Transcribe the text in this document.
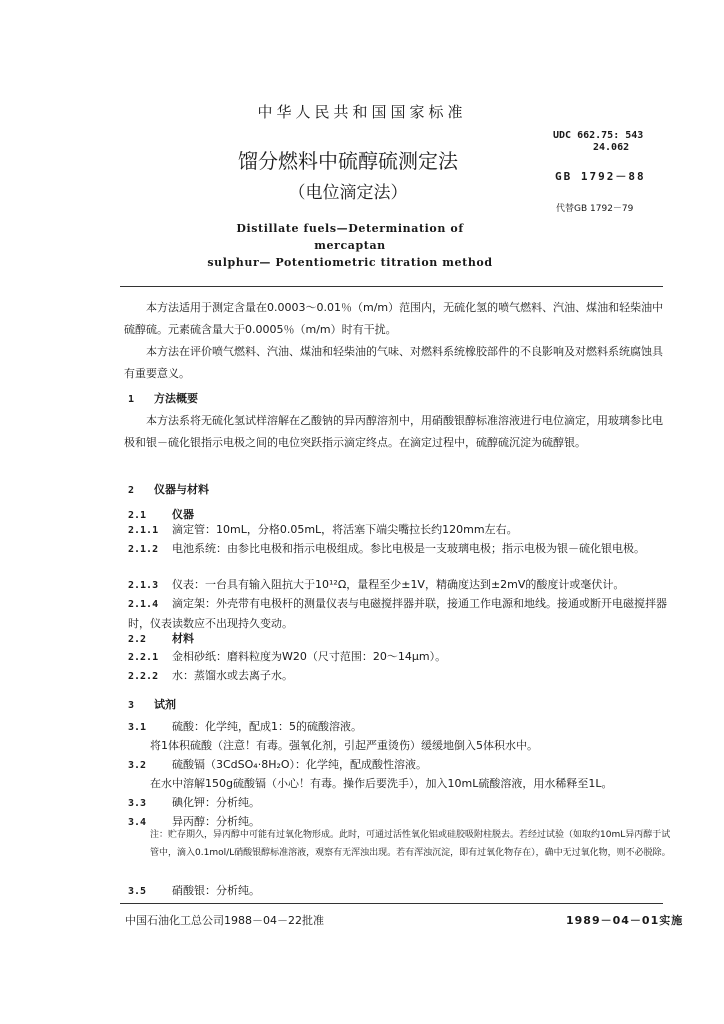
中华人民共和国国家标准
UDC 662.75: 543
24.062
GB 1792－88
代替GB 1792－79
馏分燃料中硫醇硫测定法
（电位滴定法）
Distillate fuels—Determination of mercaptan
sulphur— Potentiometric titration method
本方法适用于测定含量在0.0003～0.01％（m/m）范围内，无硫化氢的喷气燃料、汽油、煤油和轻柴油中硫醇硫。元素硫含量大于0.0005％（m/m）时有干扰。
本方法在评价喷气燃料、汽油、煤油和轻柴油的气味、对燃料系统橡胶部件的不良影响及对燃料系统腐蚀具有重要意义。
1 方法概要
本方法系将无硫化氢试样溶解在乙酸钠的异丙醇溶剂中，用硝酸银醇标准溶液进行电位滴定，用玻璃参比电极和银－硫化银指示电极之间的电位突跃指示滴定终点。在滴定过程中，硫醇硫沉淀为硫醇银。
2 仪器与材料
2.1 仪器
2.1.1 滴定管：10mL，分格0.05mL，将活塞下端尖嘴拉长约120mm左右。
2.1.2 电池系统：由参比电极和指示电极组成。参比电极是一支玻璃电极；指示电极为银－硫化银电极。
2.1.3 仪表：一台具有输入阻抗大于10¹²Ω，量程至少±1V，精确度达到±2mV的酸度计或毫伏计。
2.1.4 滴定架：外壳带有电极杆的测量仪表与电磁搅拌器并联，接通工作电源和地线。接通或断开电磁搅拌器时，仪表读数应不出现持久变动。
2.2 材料
2.2.1 金相砂纸：磨料粒度为W20（尺寸范围：20～14μm）。
2.2.2 水：蒸馏水或去离子水。
3 试剂
3.1 硫酸：化学纯，配成1：5的硫酸溶液。
将1体积硫酸（注意！有毒。强氧化剂，引起严重烫伤）缓缓地倒入5体积水中。
3.2 硫酸镉（3CdSO₄·8H₂O）：化学纯，配成酸性溶液。
在水中溶解150g硫酸镉（小心！有毒。操作后要洗手），加入10mL硫酸溶液，用水稀释至1L。
3.3 碘化钾：分析纯。
3.4 异丙醇：分析纯。
注：贮存期久，异丙醇中可能有过氧化物形成。此时，可通过活性氧化铝或硅胶吸附柱脱去。若经过试验（如取约10mL异丙醇于试管中，滴入0.1mol/L硝酸银醇标准溶液，观察有无浑浊出现。若有浑浊沉淀，即有过氧化物存在），确中无过氧化物，则不必脱除。
3.5 硝酸银：分析纯。
中国石油化工总公司1988－04－22批准	1989－04－01实施
